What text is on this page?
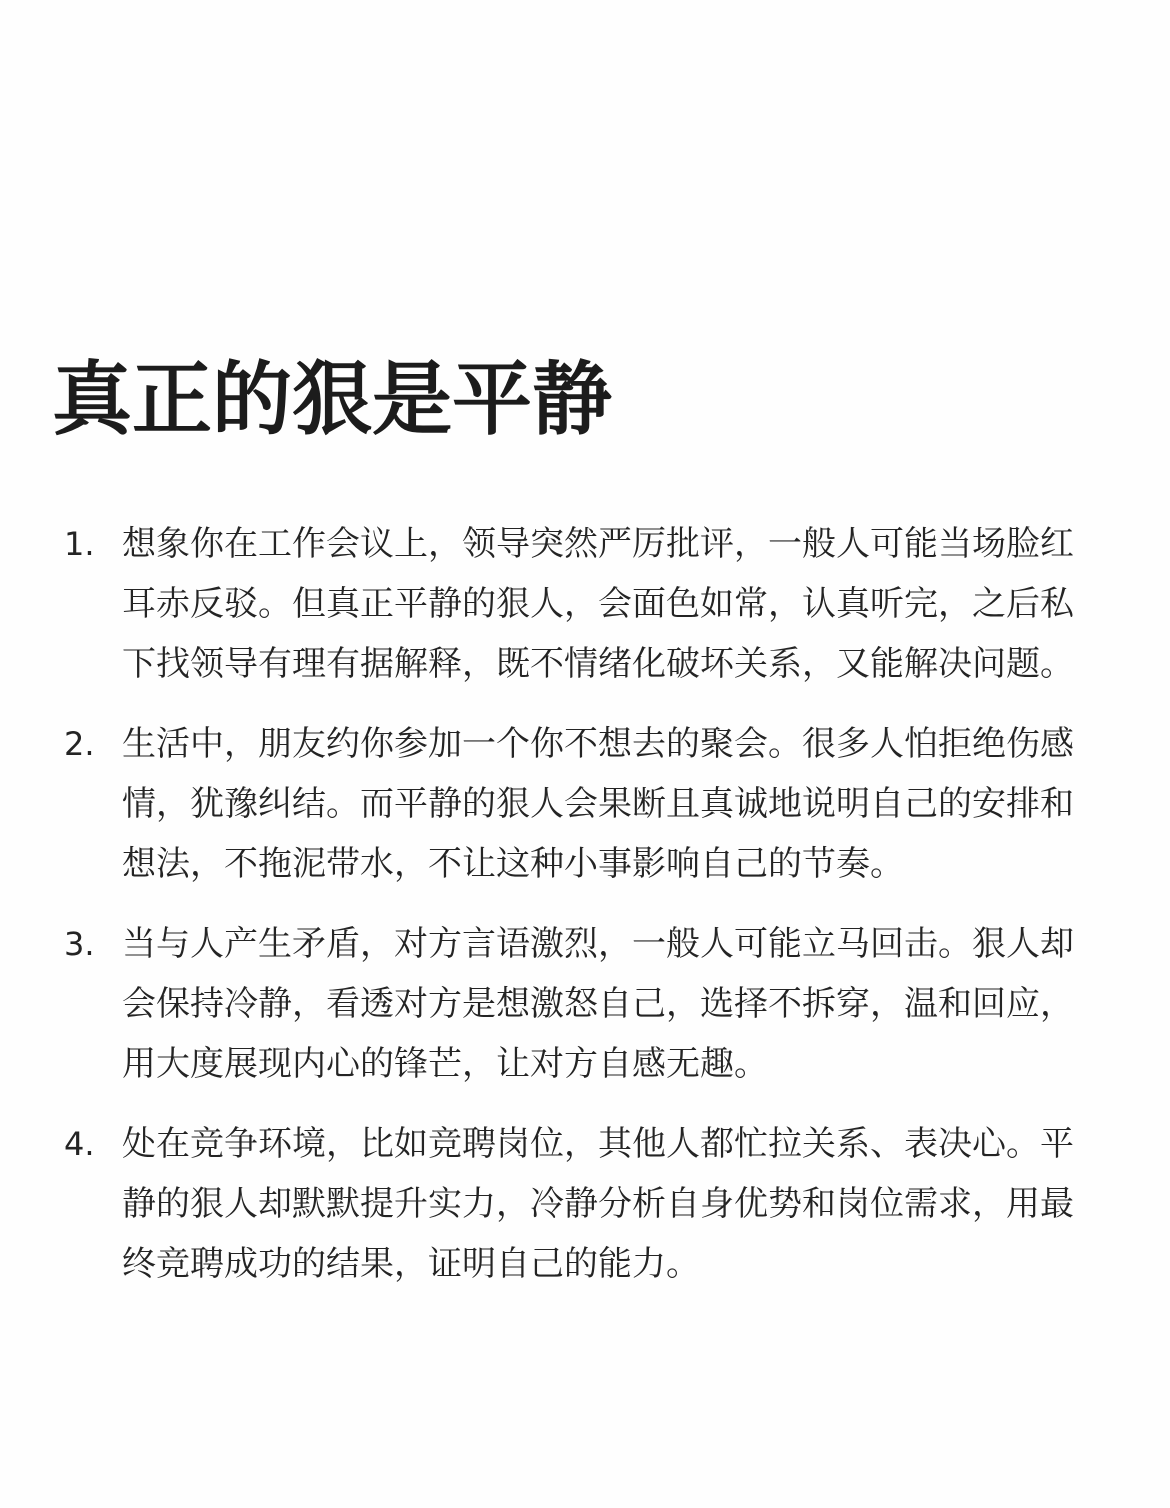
真正的狠是平静
1. 想象你在工作会议上，领导突然严厉批评，一般人可能当场脸红耳赤反驳。但真正平静的狠人，会面色如常，认真听完，之后私下找领导有理有据解释，既不情绪化破坏关系，又能解决问题。
2. 生活中，朋友约你参加一个你不想去的聚会。很多人怕拒绝伤感情，犹豫纠结。而平静的狠人会果断且真诚地说明自己的安排和想法，不拖泥带水，不让这种小事影响自己的节奏。
3. 当与人产生矛盾，对方言语激烈，一般人可能立马回击。狠人却会保持冷静，看透对方是想激怒自己，选择不拆穿，温和回应，用大度展现内心的锋芒，让对方自感无趣。
4. 处在竞争环境，比如竞聘岗位，其他人都忙拉关系、表决心。平静的狠人却默默提升实力，冷静分析自身优势和岗位需求，用最终竞聘成功的结果，证明自己的能力。
